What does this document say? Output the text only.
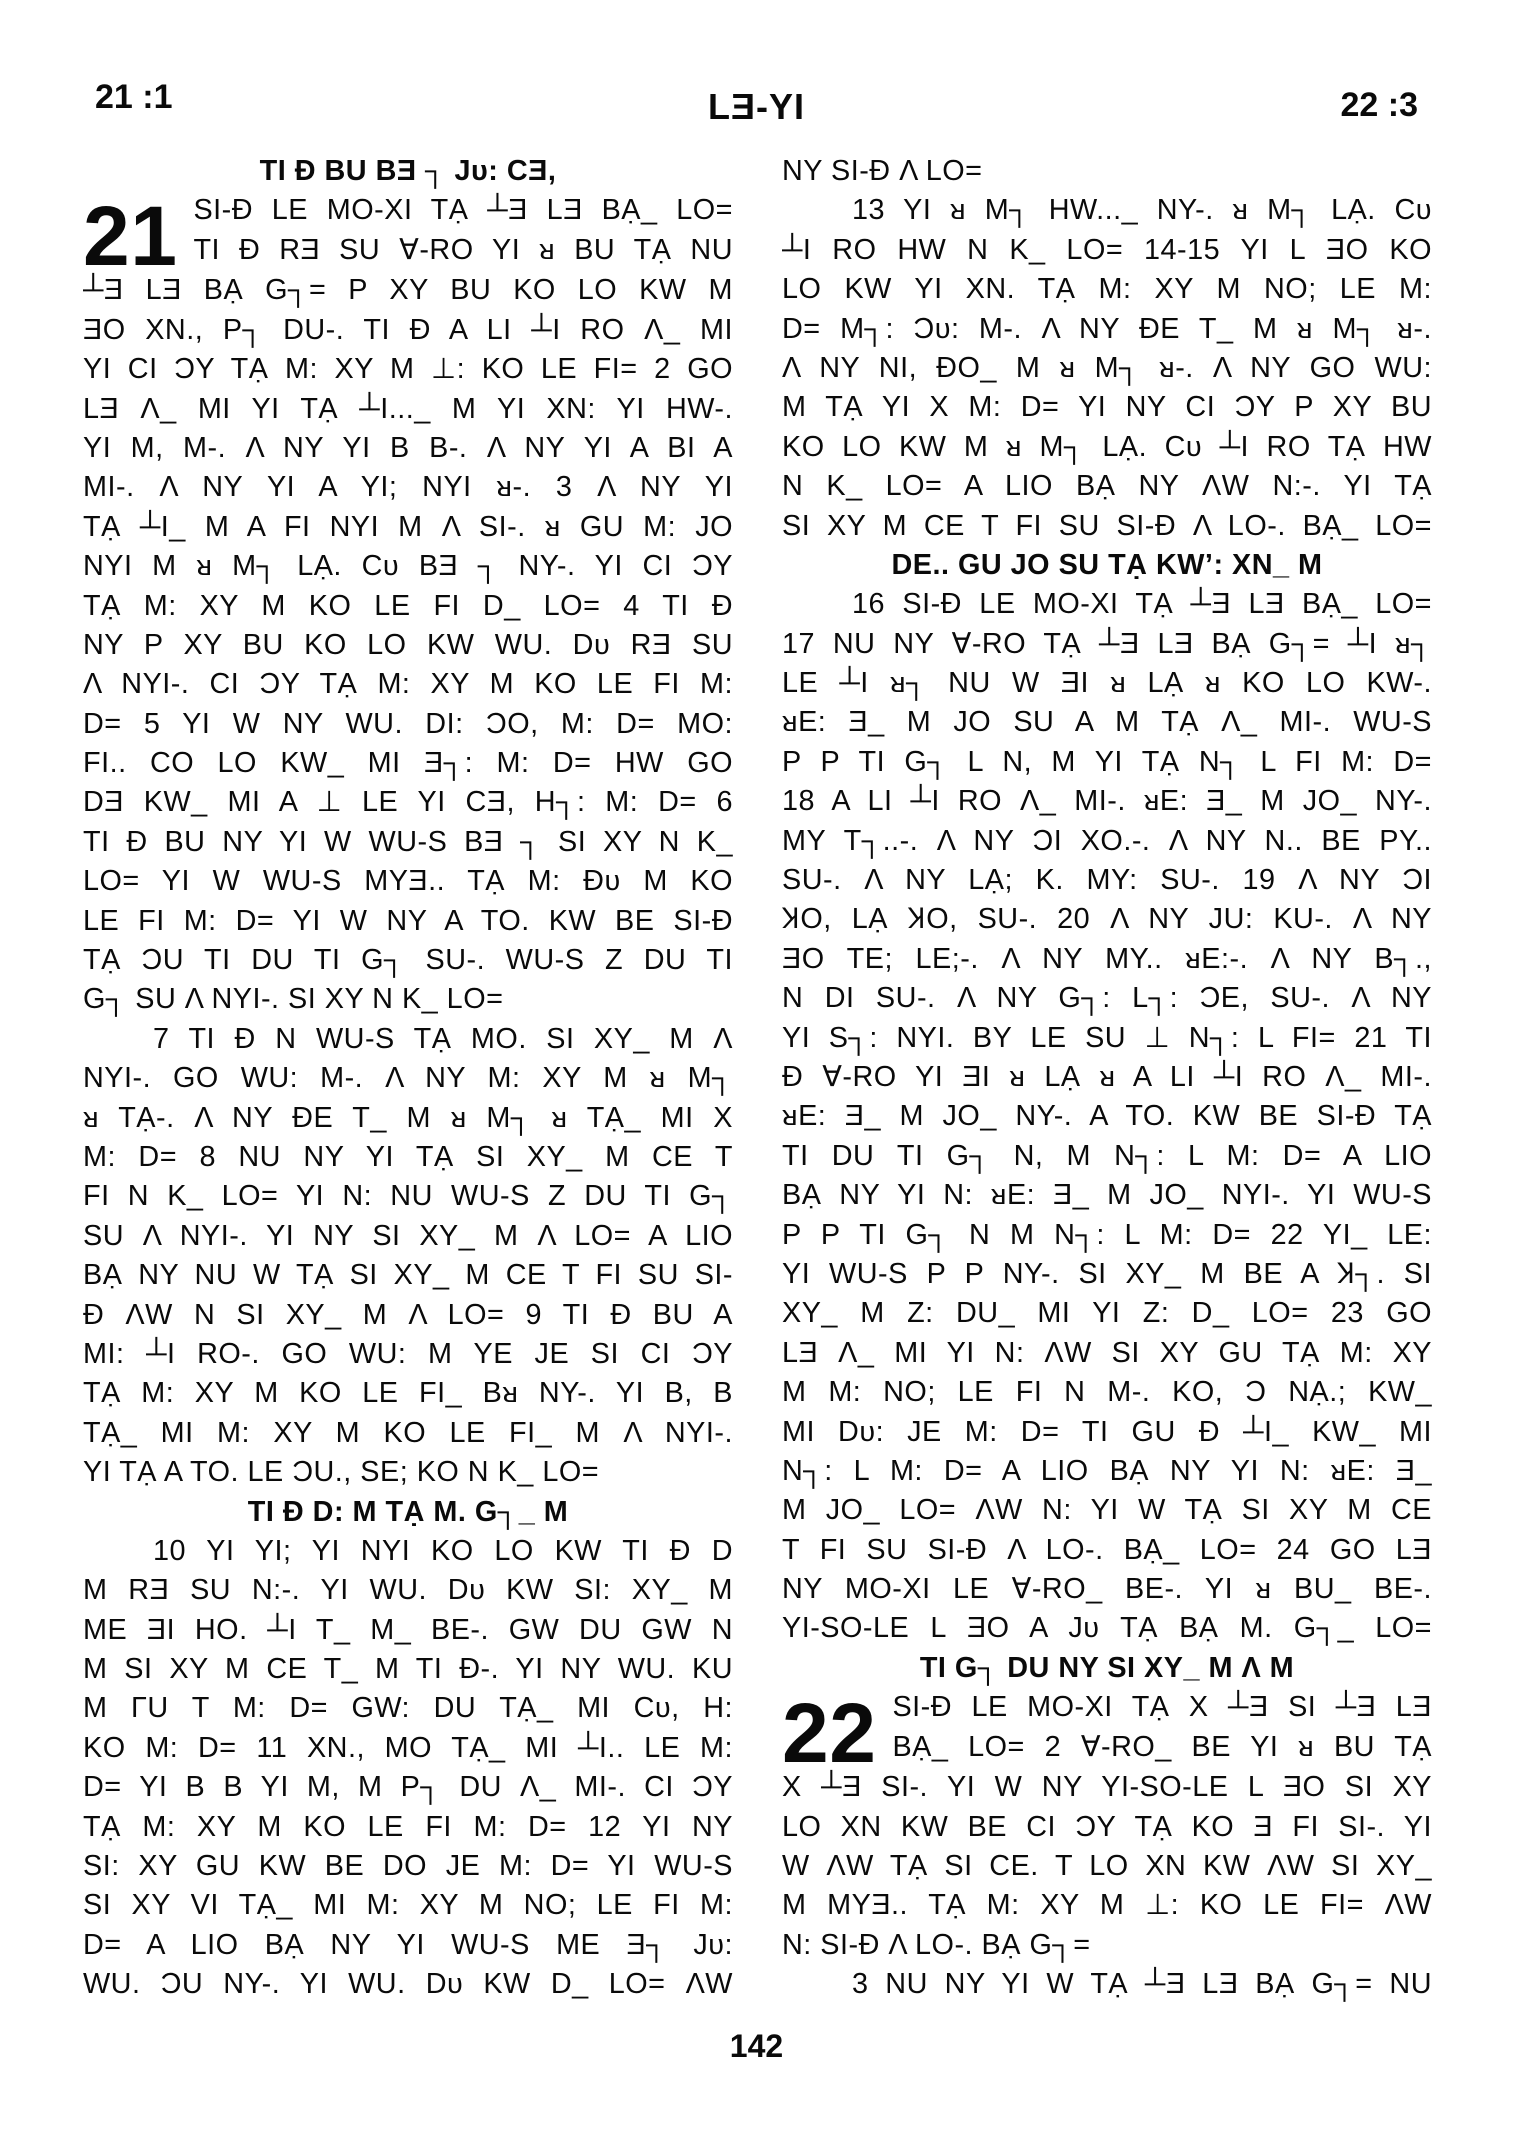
21 :1	LƎ-YI	22 :3
TI Ɖ BU BƎ ┐ Jᴜ: CƎ,
21 SI-Ɖ LE MO-XI TẠ ┴Ǝ LƎ BẠ_ LO=
TI Ɖ RƎ SU ∀-RO YI ᴚ BU TẠ NU
┴Ǝ LƎ BẠ G┐= P XY BU KO LO KW M
ƎO XN., P┐ DU-. TI Ɖ A LI ┴I RO Λ_ MI
YI CI ƆY TẠ M: XY M ⊥: KO LE FI= 2 GO
LƎ Λ_ MI YI TẠ ┴I..._ M YI XN: YI HW-.
YI M, M-. Λ NY YI B B-. Λ NY YI A BI A
MI-. Λ NY YI A YI; NYI ᴚ-. 3 Λ NY YI
TẠ ┴I_ M A FI NYI M Λ SI-. ᴚ GU M: JO
NYI M ᴚ M┐ LẠ. Cᴜ BƎ ┐ NY-. YI CI ƆY
TẠ M: XY M KO LE FI D_ LO= 4 TI Ɖ
NY P XY BU KO LO KW WU. Dᴜ RƎ SU
Λ NYI-. CI ƆY TẠ M: XY M KO LE FI M:
D= 5 YI W NY WU. DI: ƆO, M: D= MO:
FI.. CO LO KW_ MI Ǝ┐: M: D= HW GO
DƎ KW_ MI A ⊥ LE YI CƎ, H┐: M: D= 6
TI Ɖ BU NY YI W WU-S BƎ ┐ SI XY N K_
LO= YI W WU-S MYƎ.. TẠ M: Ɖᴜ M KO
LE FI M: D= YI W NY A TO. KW BE SI-Ɖ
TẠ ƆU TI DU TI G┐ SU-. WU-S Z DU TI
G┐ SU Λ NYI-. SI XY N K_ LO=
7 TI Ɖ N WU-S TẠ MO. SI XY_ M Λ
NYI-. GO WU: M-. Λ NY M: XY M ᴚ M┐
ᴚ TẠ-. Λ NY ƉE T_ M ᴚ M┐ ᴚ TẠ_ MI X
M: D= 8 NU NY YI TẠ SI XY_ M CE T
FI N K_ LO= YI N: NU WU-S Z DU TI G┐
SU Λ NYI-. YI NY SI XY_ M Λ LO= A LIO
BẠ NY NU W TẠ SI XY_ M CE T FI SU SI-
Ɖ ΛW N SI XY_ M Λ LO= 9 TI Ɖ BU A
MI: ┴I RO-. GO WU: M YE JE SI CI ƆY
TẠ M: XY M KO LE FI_ Bᴚ NY-. YI B, B
TẠ_ MI M: XY M KO LE FI_ M Λ NYI-.
YI TẠ A TO. LE ƆU., SE; KO N K_ LO=
TI Ɖ D: M TẠ M. G┐_ M
10 YI YI; YI NYI KO LO KW TI Ɖ D
M RƎ SU N:-. YI WU. Dᴜ KW SI: XY_ M
ME ƎI HO. ┴I T_ M_ BE-. GW DU GW N
M SI XY M CE T_ M TI Ɖ-. YI NY WU. KU
M ΓU T M: D= GW: DU TẠ_ MI Cᴜ, H:
KO M: D= 11 XN., MO TẠ_ MI ┴I.. LE M:
D= YI B B YI M, M P┐ DU Λ_ MI-. CI ƆY
TẠ M: XY M KO LE FI M: D= 12 YI NY
SI: XY GU KW BE DO JE M: D= YI WU-S
SI XY VI TẠ_ MI M: XY M NO; LE FI M:
D= A LIO BẠ NY YI WU-S ME Ǝ┐ Jᴜ:
WU. ƆU NY-. YI WU. Dᴜ KW D_ LO= ΛW
NY SI-Ɖ Λ LO=
13 YI ᴚ M┐ HW..._ NY-. ᴚ M┐ LẠ. Cᴜ
┴I RO HW N K_ LO= 14-15 YI L ƎO KO
LO KW YI XN. TẠ M: XY M NO; LE M:
D= M┐: Ɔᴜ: M-. Λ NY ƉE T_ M ᴚ M┐ ᴚ-.
Λ NY NI, ƉO_ M ᴚ M┐ ᴚ-. Λ NY GO WU:
M TẠ YI X M: D= YI NY CI ƆY P XY BU
KO LO KW M ᴚ M┐ LẠ. Cᴜ ┴I RO TẠ HW
N K_ LO= A LIO BẠ NY ΛW N:-. YI TẠ
SI XY M CE T FI SU SI-Ɖ Λ LO-. BẠ_ LO=
DE.. GU JO SU TẠ KW’: XN_ M
16 SI-Ɖ LE MO-XI TẠ ┴Ǝ LƎ BẠ_ LO=
17 NU NY ∀-RO TẠ ┴Ǝ LƎ BẠ G┐= ┴I ᴚ┐
LE ┴I ᴚ┐ NU W ƎI ᴚ LẠ ᴚ KO LO KW-.
ᴚE: Ǝ_ M JO SU A M TẠ Λ_ MI-. WU-S
P P TI G┐ L N, M YI TẠ N┐ L FI M: D=
18 A LI ┴I RO Λ_ MI-. ᴚE: Ǝ_ M JO_ NY-.
MY T┐..-. Λ NY ƆI XO.-. Λ NY N.. BE PY..
SU-. Λ NY LẠ; K. MY: SU-. 19 Λ NY ƆI
ꞰO, LẠ ꞰO, SU-. 20 Λ NY JU: KU-. Λ NY
ƎO TE; LE;-. Λ NY MY.. ᴚE:-. Λ NY B┐.,
N DI SU-. Λ NY G┐: L┐: ƆE, SU-. Λ NY
YI S┐: NYI. BY LE SU ⊥ N┐: L FI= 21 TI
Ɖ ∀-RO YI ƎI ᴚ LẠ ᴚ A LI ┴I RO Λ_ MI-.
ᴚE: Ǝ_ M JO_ NY-. A TO. KW BE SI-Ɖ TẠ
TI DU TI G┐ N, M N┐: L M: D= A LIO
BẠ NY YI N: ᴚE: Ǝ_ M JO_ NYI-. YI WU-S
P P TI G┐ N M N┐: L M: D= 22 YI_ LE:
YI WU-S P P NY-. SI XY_ M BE A Ʞ┐. SI
XY_ M Z: DU_ MI YI Z: D_ LO= 23 GO
LƎ Λ_ MI YI N: ΛW SI XY GU TẠ M: XY
M M: NO; LE FI N M-. KO, Ɔ NẠ.; KW_
MI Dᴜ: JE M: D= TI GU Ɖ ┴I_ KW_ MI
N┐: L M: D= A LIO BẠ NY YI N: ᴚE: Ǝ_
M JO_ LO= ΛW N: YI W TẠ SI XY M CE
T FI SU SI-Ɖ Λ LO-. BẠ_ LO= 24 GO LƎ
NY MO-XI LE ∀-RO_ BE-. YI ᴚ BU_ BE-.
YI-SO-LE L ƎO A Jᴜ TẠ BẠ M. G┐_ LO=
TI G┐ DU NY SI XY_ M Λ M
22 SI-Ɖ LE MO-XI TẠ X ┴Ǝ SI ┴Ǝ LƎ
BẠ_ LO= 2 ∀-RO_ BE YI ᴚ BU TẠ
X ┴Ǝ SI-. YI W NY YI-SO-LE L ƎO SI XY
LO XN KW BE CI ƆY TẠ KO Ǝ FI SI-. YI
W ΛW TẠ SI CE. T LO XN KW ΛW SI XY_
M MYƎ.. TẠ M: XY M ⊥: KO LE FI= ΛW
N: SI-Ɖ Λ LO-. BẠ G┐=
3 NU NY YI W TẠ ┴Ǝ LƎ BẠ G┐= NU
142
